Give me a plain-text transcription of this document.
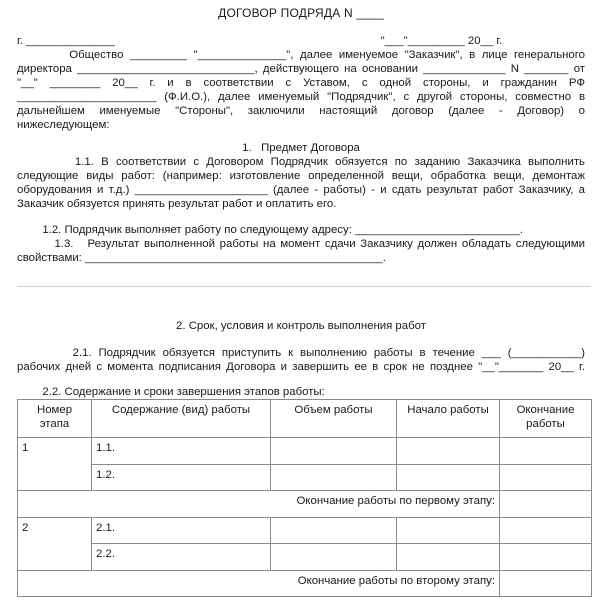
ДОГОВОР ПОДРЯДА N ____
г. ______________                                                                                    "___"_________ 20__ г.
Общество _________ "______________", далее именуемое "Заказчик", в лице генерального
директора ____________________________, действующего на основании _____________ N _______ от
"__" ________ 20__ г. и в соответствии с Уставом, с одной стороны, и гражданин РФ
______________________ (Ф.И.О.), далее именуемый "Подрядчик", с другой стороны, совместно в
дальнейшем именуемые "Стороны", заключили настоящий договор (далее - Договор) о
нижеследующем:
1.   Предмет Договора
1.1. В соответствии с Договором Подрядчик обязуется по заданию Заказчика выполнить
следующие виды работ: (например: изготовление определенной вещи, обработка вещи, демонтаж
оборудования и т.д.) _____________________ (далее - работы) - и сдать результат работ Заказчику, а
Заказчик обязуется принять результат работ и оплатить его.
1.2. Подрядчик выполняет работу по следующему адресу: __________________________.
1.3.   Результат выполненной работы на момент сдачи Заказчику должен обладать следующими
свойствами: _______________________________________________.
2. Срок, условия и контроль выполнения работ
2.1. Подрядчик обязуется приступить к выполнению работы в течение ___ (___________)
рабочих дней с момента подписания Договора и завершить ее в срок не позднее "__"_______ 20__ г.
2.2. Содержание и сроки завершения этапов работы:
Номер этапа	Содержание (вид) работы	Объем работы	Начало работы	Окончание работы
1	1.1.			
	1.2.			
Окончание работы по первому этапу:				
2	2.1.			
	2.2.			
Окончание работы по второму этапу:				
